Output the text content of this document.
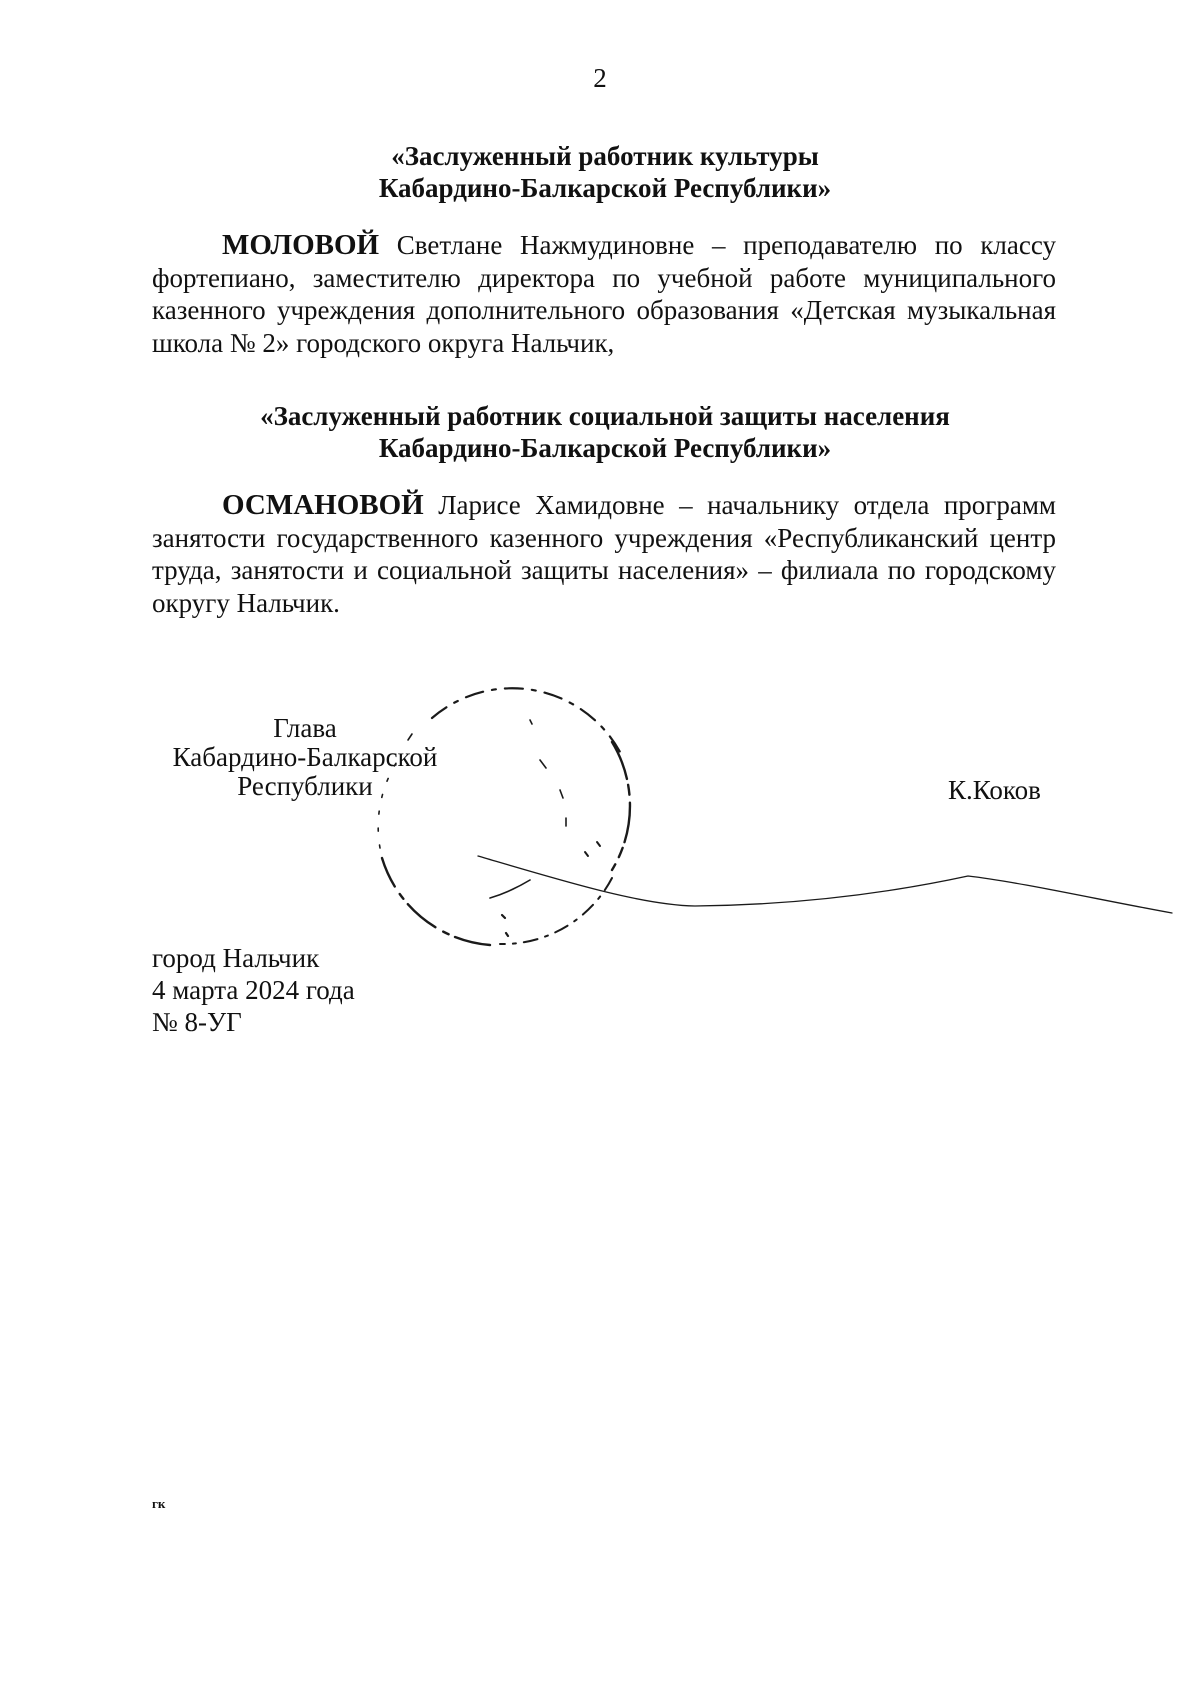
2
«Заслуженный работник культуры
Кабардино-Балкарской Республики»
МОЛОВОЙ Светлане Нажмудиновне – преподавателю по классу фортепиано, заместителю директора по учебной работе муниципального казенного учреждения дополнительного образования «Детская музыкальная школа № 2» городского округа Нальчик,
«Заслуженный работник социальной защиты населения
Кабардино-Балкарской Республики»
ОСМАНОВОЙ Ларисе Хамидовне – начальнику отдела программ занятости государственного казенного учреждения «Республиканский центр труда, занятости и социальной защиты населения» – филиала по городскому округу Нальчик.
Глава
Кабардино-Балкарской
Республики	К.Коков
город Нальчик
4 марта 2024 года
№ 8-УГ
гк
